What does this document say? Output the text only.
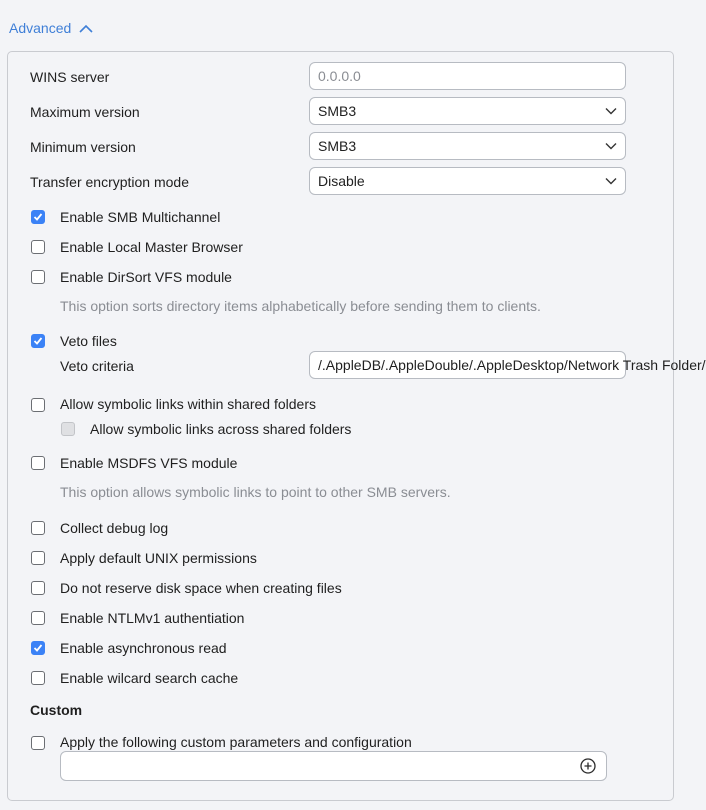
Advanced
WINS server	0.0.0.0
Maximum version	SMB3
Minimum version	SMB3
Transfer encryption mode	Disable
Enable SMB Multichannel
Enable Local Master Browser
Enable DirSort VFS module
This option sorts directory items alphabetically before sending them to clients.
Veto files
Veto criteria	/.AppleDB/.AppleDouble/.AppleDesktop/Network Trash Folder/
Allow symbolic links within shared folders
Allow symbolic links across shared folders
Enable MSDFS VFS module
This option allows symbolic links to point to other SMB servers.
Collect debug log
Apply default UNIX permissions
Do not reserve disk space when creating files
Enable NTLMv1 authentiation
Enable asynchronous read
Enable wilcard search cache
Custom
Apply the following custom parameters and configuration
